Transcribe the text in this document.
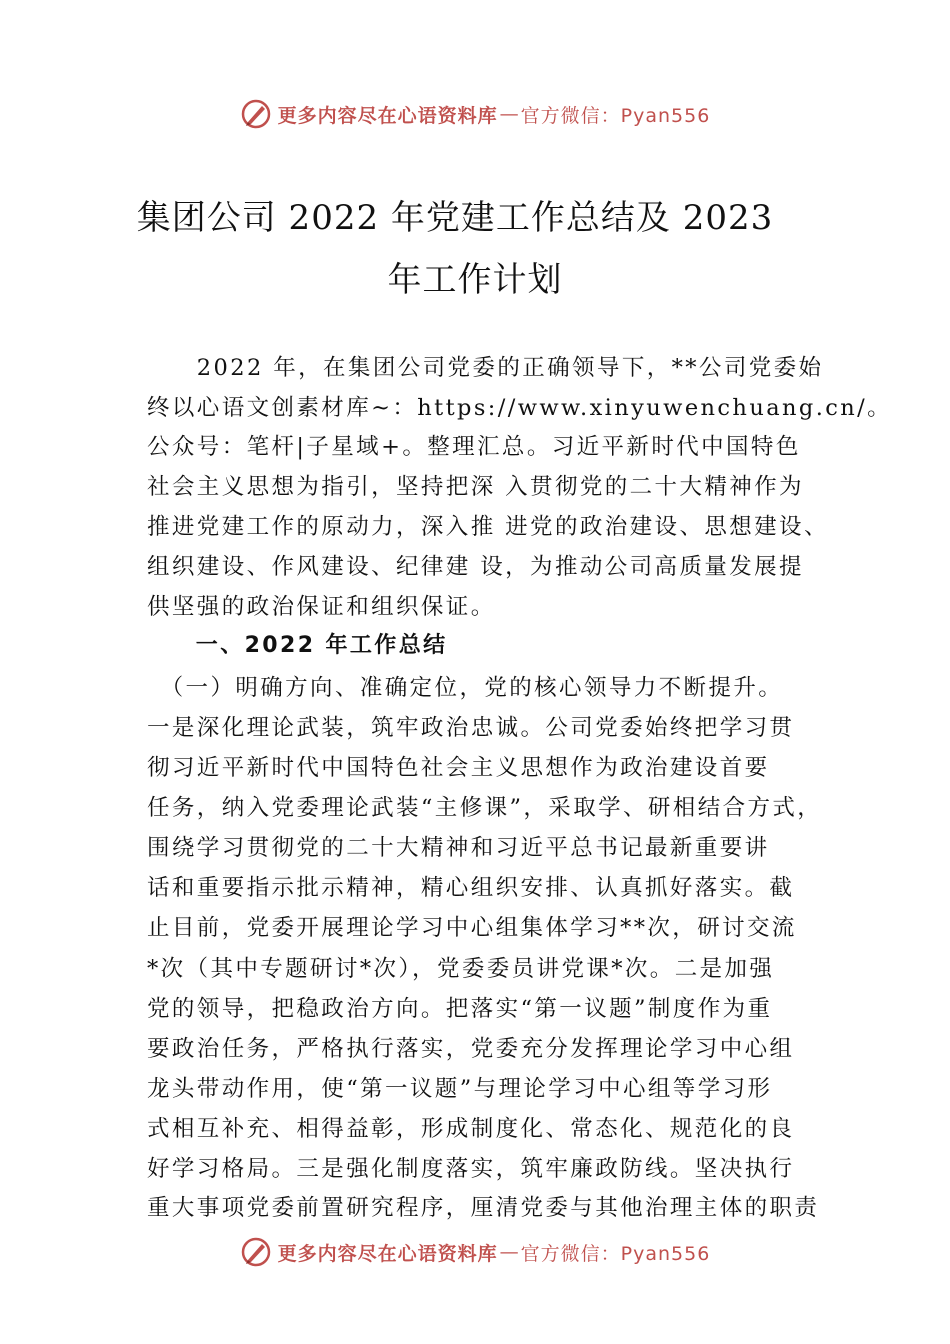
更多内容尽在心语资料库 — 官方微信：Pyan556
集团公司 2022 年党建工作总结及 2023
年工作计划
　　2022 年，在集团公司党委的正确领导下，**公司党委始
终以心语文创素材库~：https://www.xinyuwenchuang.cn/。
公众号：笔杆|子星域+。整理汇总。习近平新时代中国特色
社会主义思想为指引，坚持把深 入贯彻党的二十大精神作为
推进党建工作的原动力，深入推 进党的政治建设、思想建设、
组织建设、作风建设、纪律建 设，为推动公司高质量发展提
供坚强的政治保证和组织保证。
　　一、2022 年工作总结
　（一）明确方向、准确定位，党的核心领导力不断提升。
一是深化理论武装，筑牢政治忠诚。公司党委始终把学习贯
彻习近平新时代中国特色社会主义思想作为政治建设首要
任务，纳入党委理论武装“主修课”，采取学、研相结合方式，
围绕学习贯彻党的二十大精神和习近平总书记最新重要讲
话和重要指示批示精神，精心组织安排、认真抓好落实。截
止目前，党委开展理论学习中心组集体学习**次，研讨交流
*次（其中专题研讨*次），党委委员讲党课*次。二是加强
党的领导，把稳政治方向。把落实“第一议题”制度作为重
要政治任务，严格执行落实，党委充分发挥理论学习中心组
龙头带动作用，使“第一议题”与理论学习中心组等学习形
式相互补充、相得益彰，形成制度化、常态化、规范化的良
好学习格局。三是强化制度落实，筑牢廉政防线。坚决执行
重大事项党委前置研究程序，厘清党委与其他治理主体的职责
更多内容尽在心语资料库 — 官方微信：Pyan556
